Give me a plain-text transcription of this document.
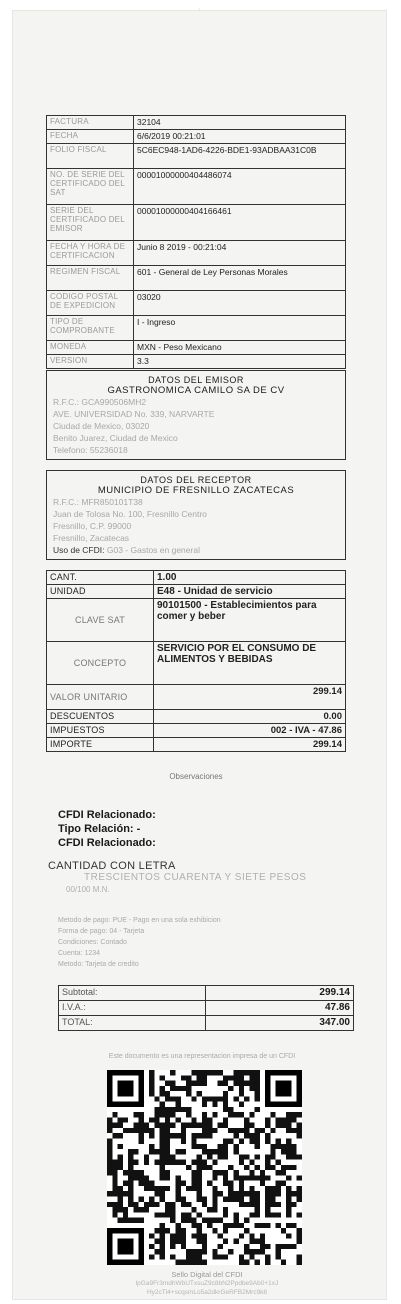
·
FACTURA	32104
FECHA	6/6/2019 00:21:01
FOLIO FISCAL	5C6EC948-1AD6-4226-BDE1-93ADBAA31C0B
NO. DE SERIE DEL CERTIFICADO DEL SAT	00001000000404486074
SERIE DEL CERTIFICADO DEL EMISOR	00001000000404166461
FECHA Y HORA DE CERTIFICACION	Junio 8 2019 - 00:21:04
REGIMEN FISCAL	601 - General de Ley Personas Morales
CODIGO POSTAL DE EXPEDICION	03020
TIPO DE COMPROBANTE	I - Ingreso
MONEDA	MXN - Peso Mexicano
VERSION	3.3
DATOS DEL EMISOR
GASTRONOMICA CAMILO SA DE CV
R.F.C.: GCA990506MH2
AVE. UNIVERSIDAD No. 339, NARVARTE
Ciudad de Mexico, 03020
Benito Juarez, Ciudad de Mexico
Telefono: 55236018
DATOS DEL RECEPTOR
MUNICIPIO DE FRESNILLO ZACATECAS
R.F.C.: MFR850101T38
Juan de Tolosa No. 100, Fresnillo Centro
Fresnillo, C.P. 99000
Fresnillo, Zacatecas
Uso de CFDI: G03 - Gastos en general
CANT.	1.00
UNIDAD	E48 - Unidad de servicio
CLAVE SAT	90101500 - Establecimientos para comer y beber
CONCEPTO	SERVICIO POR EL CONSUMO DE ALIMENTOS Y BEBIDAS
VALOR UNITARIO	299.14
DESCUENTOS	0.00
IMPUESTOS	002 - IVA - 47.86
IMPORTE	299.14
Observaciones
CFDI Relacionado:
Tipo Relación: -
CFDI Relacionado:
CANTIDAD CON LETRA
TRESCIENTOS CUARENTA Y SIETE PESOS
00/100 M.N.
Metodo de pago: PUE - Pago en una sola exhibicion
Forma de pago: 04 - Tarjeta
Condiciones: Contado
Cuenta: 1234
Metodo: Tarjeta de credito
Subtotal:	299.14
I.V.A.:	47.86
TOTAL:	347.00
Este documento es una representacion impresa de un CFDI
Sello Digital del CFDI
lpGa9Fr3mdhWbUTxsuZ9c8bN2Ppdbe9Ab0+1xJ
Hy2cTl4+scqsmLo5a2dkrGeRFB2Mrc9k8
